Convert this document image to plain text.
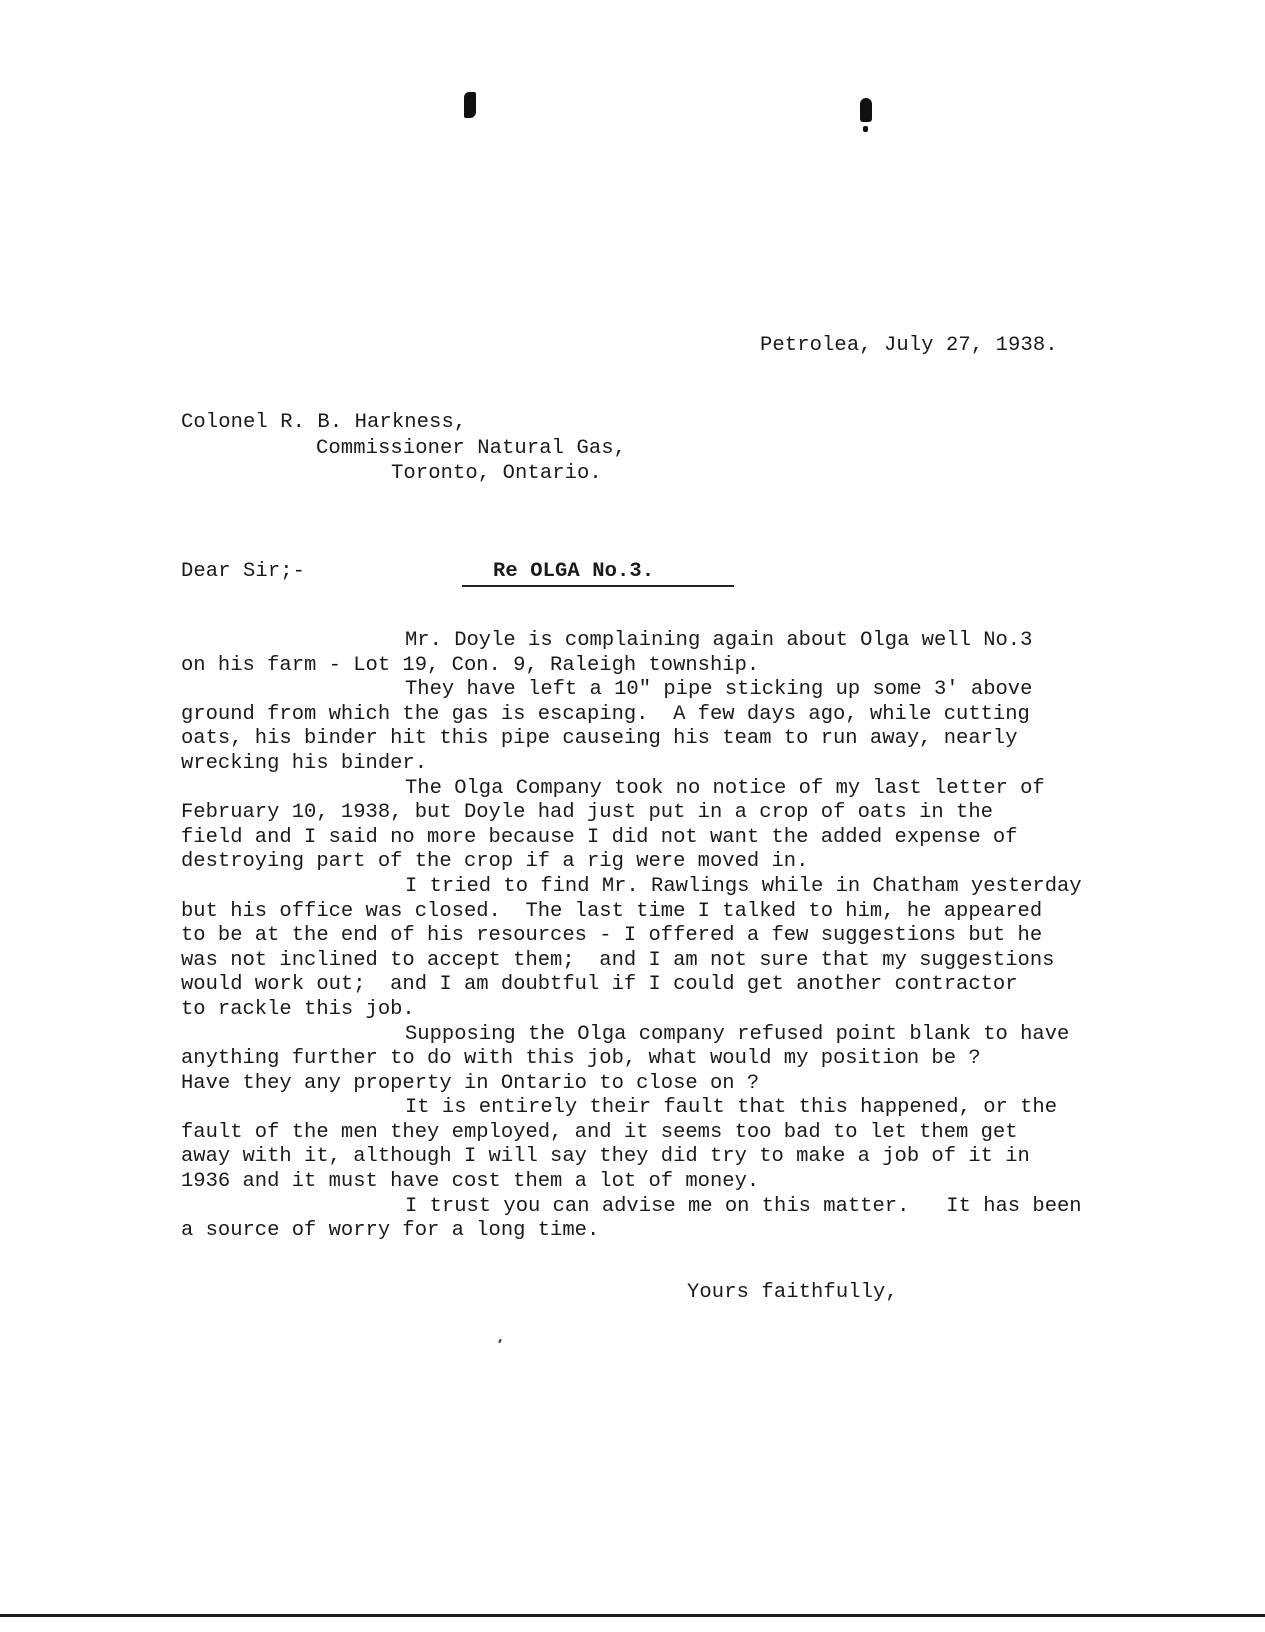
Petrolea, July 27, 1938.
Colonel R. B. Harkness,
Commissioner Natural Gas,
Toronto, Ontario.
Dear Sir;-	Re OLGA No.3.
Mr. Doyle is complaining again about Olga well No.3
on his farm - Lot 19, Con. 9, Raleigh township.
They have left a 10" pipe sticking up some 3' above
ground from which the gas is escaping.  A few days ago, while cutting
oats, his binder hit this pipe causeing his team to run away, nearly
wrecking his binder.
The Olga Company took no notice of my last letter of
February 10, 1938, but Doyle had just put in a crop of oats in the
field and I said no more because I did not want the added expense of
destroying part of the crop if a rig were moved in.
I tried to find Mr. Rawlings while in Chatham yesterday
but his office was closed.  The last time I talked to him, he appeared
to be at the end of his resources - I offered a few suggestions but he
was not inclined to accept them;  and I am not sure that my suggestions
would work out;  and I am doubtful if I could get another contractor
to rackle this job.
Supposing the Olga company refused point blank to have
anything further to do with this job, what would my position be ?
Have they any property in Ontario to close on ?
It is entirely their fault that this happened, or the
fault of the men they employed, and it seems too bad to let them get
away with it, although I will say they did try to make a job of it in
1936 and it must have cost them a lot of money.
I trust you can advise me on this matter.   It has been
a source of worry for a long time.
Yours faithfully,
